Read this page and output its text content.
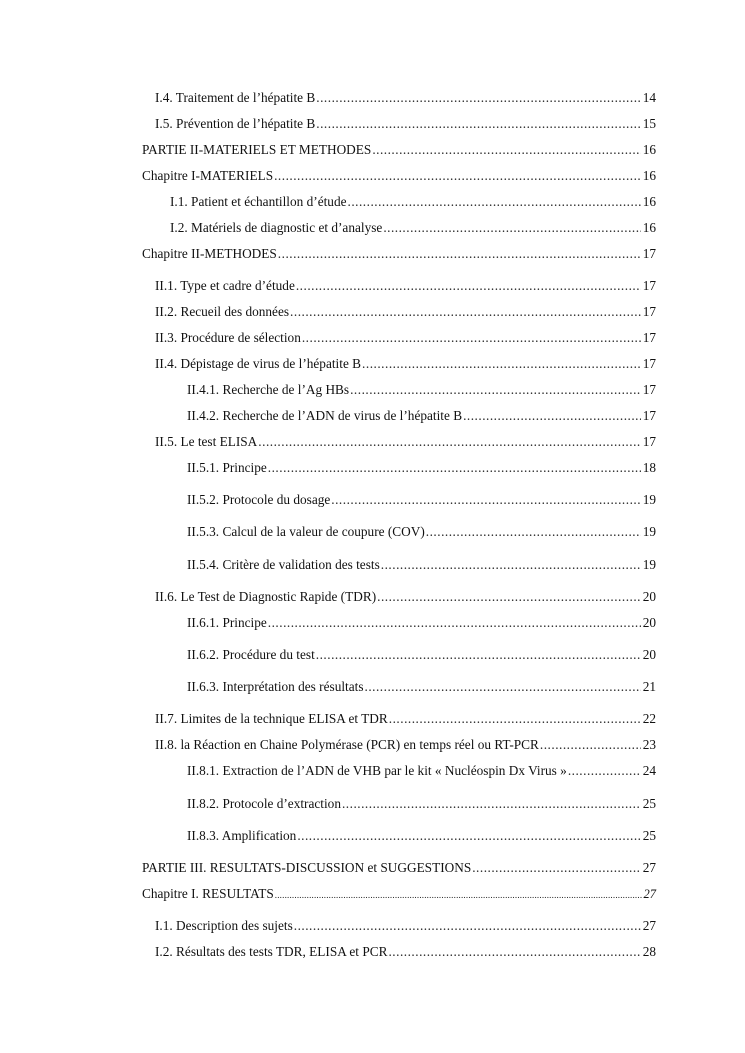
I.4. Traitement de l’hépatite B .....	14
I.5. Prévention de l’hépatite B .....	15
PARTIE II-MATERIELS ET METHODES .....	16
Chapitre I-MATERIELS .....	16
I.1. Patient et échantillon d’étude .....	16
I.2. Matériels de diagnostic et d’analyse .....	16
Chapitre II-METHODES .....	17
II.1. Type et cadre d’étude .....	17
II.2. Recueil des données .....	17
II.3. Procédure de sélection .....	17
II.4. Dépistage de virus de l’hépatite B .....	17
II.4.1. Recherche de l’Ag HBs .....	17
II.4.2. Recherche de l’ADN de virus de l’hépatite B .....	17
II.5. Le test ELISA .....	17
II.5.1. Principe .....	18
II.5.2. Protocole du dosage .....	19
II.5.3. Calcul de la valeur de coupure (COV) .....	19
II.5.4. Critère de validation des tests .....	19
II.6. Le Test de Diagnostic Rapide (TDR) .....	20
II.6.1. Principe .....	20
II.6.2. Procédure du test .....	20
II.6.3. Interprétation des résultats .....	21
II.7. Limites de la technique ELISA et TDR .....	22
II.8. la Réaction en Chaine Polymérase (PCR) en temps réel ou RT-PCR .....	23
II.8.1. Extraction de l’ADN de VHB par le kit « Nucléospin Dx Virus » .....	24
II.8.2. Protocole d’extraction .....	25
II.8.3. Amplification .....	25
PARTIE III. RESULTATS-DISCUSSION et SUGGESTIONS .....	27
Chapitre I. RESULTATS .....	27
I.1. Description des sujets .....	27
I.2. Résultats des tests TDR, ELISA et PCR .....	28
